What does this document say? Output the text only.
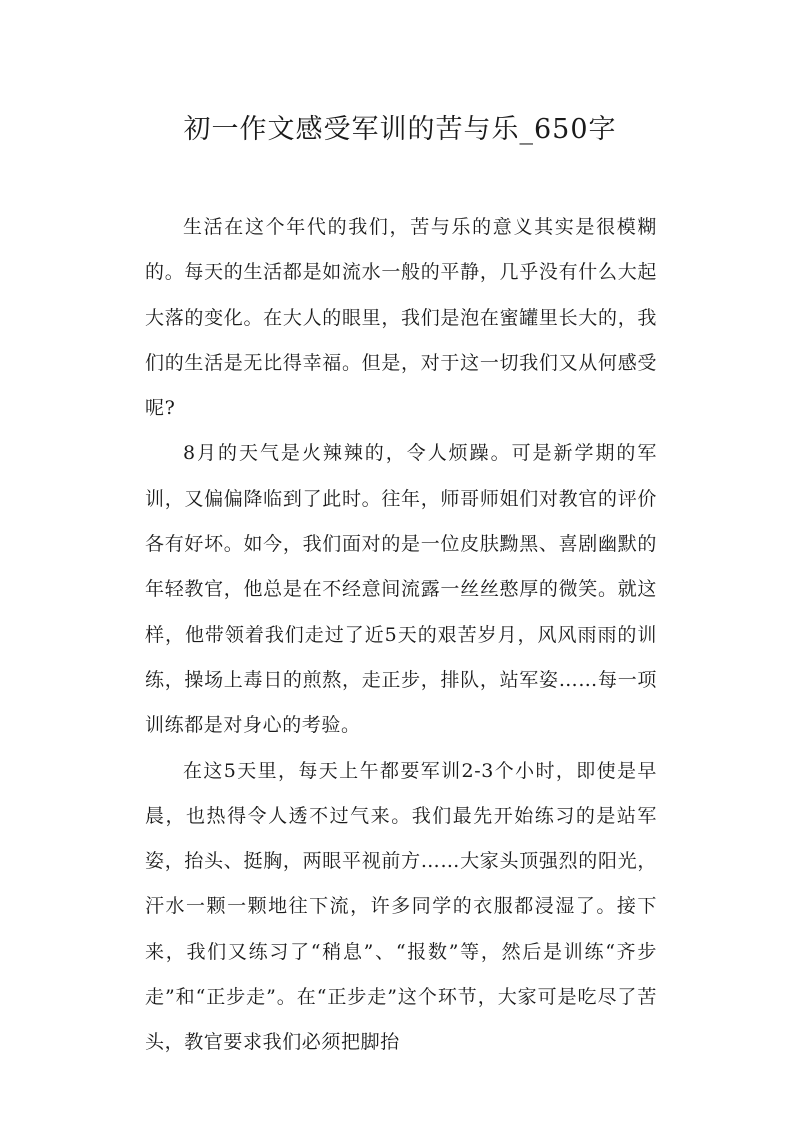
初一作文感受军训的苦与乐_650字

生活在这个年代的我们，苦与乐的意义其实是很模糊的。每天的生活都是如流水一般的平静，几乎没有什么大起大落的变化。在大人的眼里，我们是泡在蜜罐里长大的，我们的生活是无比得幸福。但是，对于这一切我们又从何感受呢?

8月的天气是火辣辣的，令人烦躁。可是新学期的军训，又偏偏降临到了此时。往年，师哥师姐们对教官的评价各有好坏。如今，我们面对的是一位皮肤黝黑、喜剧幽默的年轻教官，他总是在不经意间流露一丝丝憨厚的微笑。就这样，他带领着我们走过了近5天的艰苦岁月，风风雨雨的训练，操场上毒日的煎熬，走正步，排队，站军姿……每一项训练都是对身心的考验。

在这5天里，每天上午都要军训2-3个小时，即使是早晨，也热得令人透不过气来。我们最先开始练习的是站军姿，抬头、挺胸，两眼平视前方……大家头顶强烈的阳光，汗水一颗一颗地往下流，许多同学的衣服都浸湿了。接下来，我们又练习了“稍息”、“报数”等，然后是训练“齐步走”和“正步走”。在“正步走”这个环节，大家可是吃尽了苦头，教官要求我们必须把脚抬
